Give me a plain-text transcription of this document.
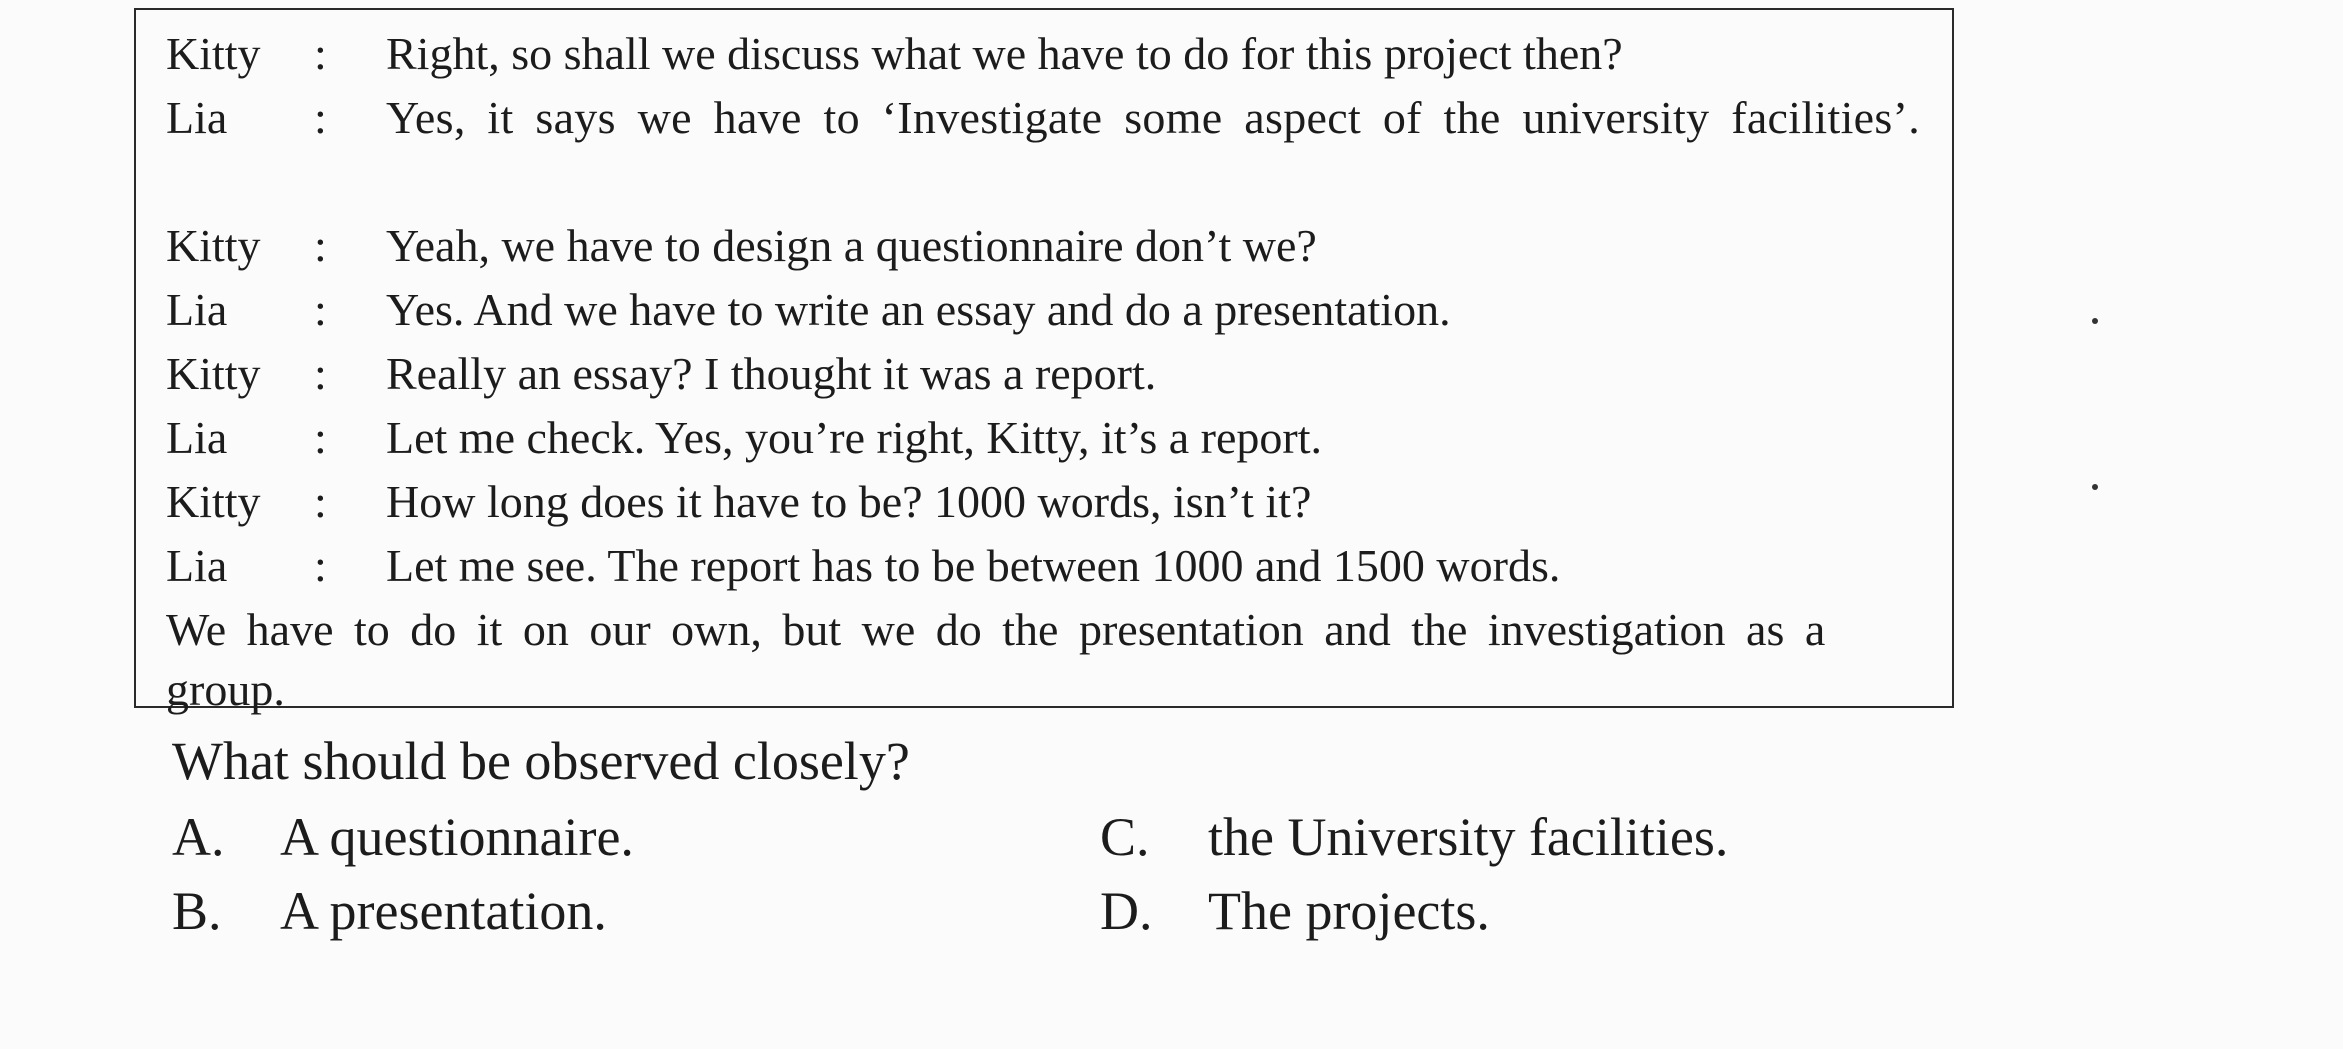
Kitty	: Right, so shall we discuss what we have to do for this project then?
Lia	: Yes, it says we have to ‘Investigate some aspect of the university facilities’.
Kitty	: Yeah, we have to design a questionnaire don’t we?
Lia	: Yes. And we have to write an essay and do a presentation.
Kitty	: Really an essay? I thought it was a report.
Lia	: Let me check. Yes, you’re right, Kitty, it’s a report.
Kitty	: How long does it have to be? 1000 words, isn’t it?
Lia	: Let me see. The report has to be between 1000 and 1500 words.
We have to do it on our own, but we do the presentation and the investigation as a group.
What should be observed closely?
A. A questionnaire.
B. A presentation.
C. the University facilities.
D. The projects.
